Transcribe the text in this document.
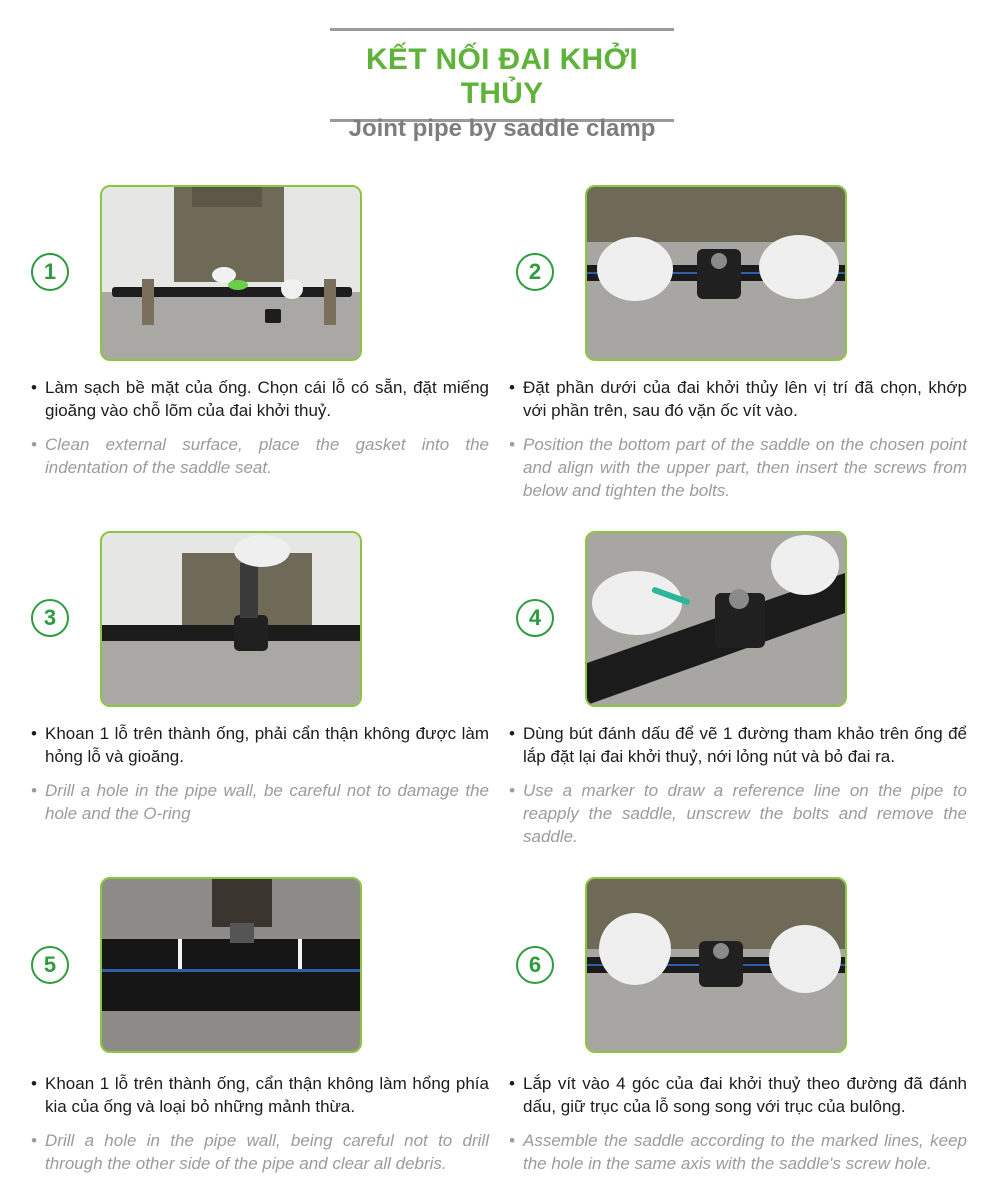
KẾT NỐI ĐAI KHỞI THỦY
Joint pipe by saddle clamp
1
• Làm sạch bề mặt của ống. Chọn cái lỗ có sẵn, đặt miếng gioăng vào chỗ lõm của đai khởi thuỷ.
• Clean external surface, place the gasket into the indentation of the saddle seat.
2
• Đặt phần dưới của đai khởi thủy lên vị trí đã chọn, khớp với phần trên, sau đó vặn ốc vít vào.
• Position the bottom part of the saddle on the chosen point and align with the upper part, then insert the screws from below and tighten the bolts.
3
• Khoan 1 lỗ trên thành ống, phải cẩn thận không được làm hỏng lỗ và gioăng.
• Drill a hole in the pipe wall, be careful not to damage the hole and the O-ring
4
• Dùng bút đánh dấu để vẽ 1 đường tham khảo trên ống để lắp đặt lại đai khởi thuỷ, nới lỏng nút và bỏ đai ra.
• Use a marker to draw a reference line on the pipe to reapply the saddle, unscrew the bolts and remove the saddle.
5
• Khoan 1 lỗ trên thành ống, cẩn thận không làm hổng phía kia của ống và loại bỏ những mảnh thừa.
• Drill a hole in the pipe wall, being careful not to drill through the other side of the pipe and clear all debris.
6
• Lắp vít vào 4 góc của đai khởi thuỷ theo đường đã đánh dấu, giữ trục của lỗ song song với trục của bulông.
• Assemble the saddle according to the marked lines, keep the hole in the same axis with the saddle's screw hole.
